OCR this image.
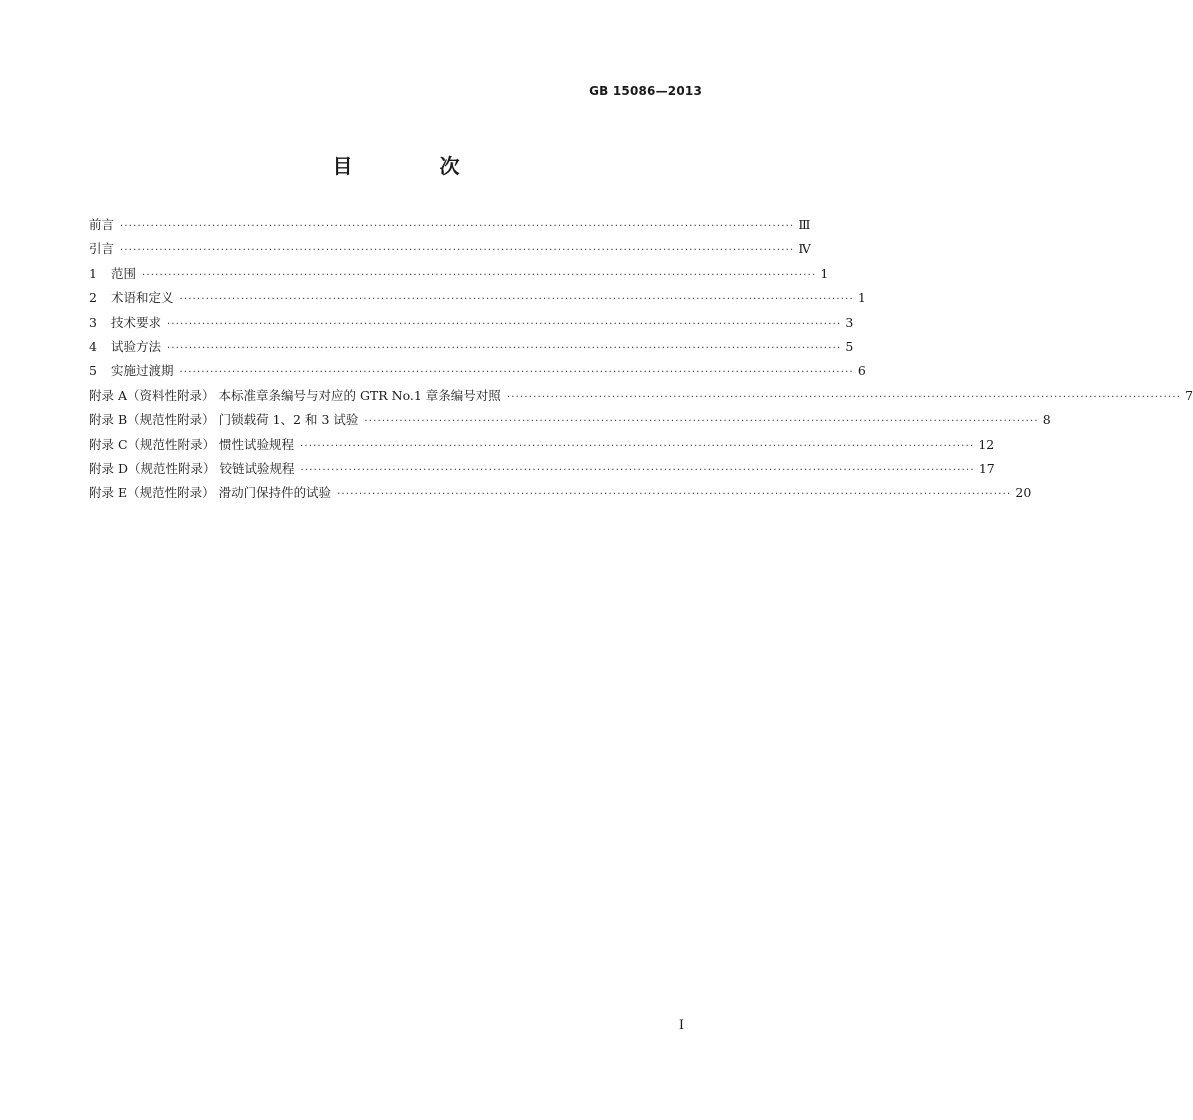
GB 15086—2013
目 次
前言 ·························································································································································· Ⅲ
引言 ·························································································································································· Ⅳ
1 范围 ·························································································································································· 1
2 术语和定义 ·························································································································································· 1
3 技术要求 ·························································································································································· 3
4 试验方法 ·························································································································································· 5
5 实施过渡期 ·························································································································································· 6
附录 A（资料性附录） 本标准章条编号与对应的 GTR No.1 章条编号对照 ·························································································································································· 7
附录 B（规范性附录） 门锁载荷 1、2 和 3 试验 ·························································································································································· 8
附录 C（规范性附录） 惯性试验规程 ·························································································································································· 12
附录 D（规范性附录） 铰链试验规程 ·························································································································································· 17
附录 E（规范性附录） 滑动门保持件的试验 ·························································································································································· 20
Ⅰ
